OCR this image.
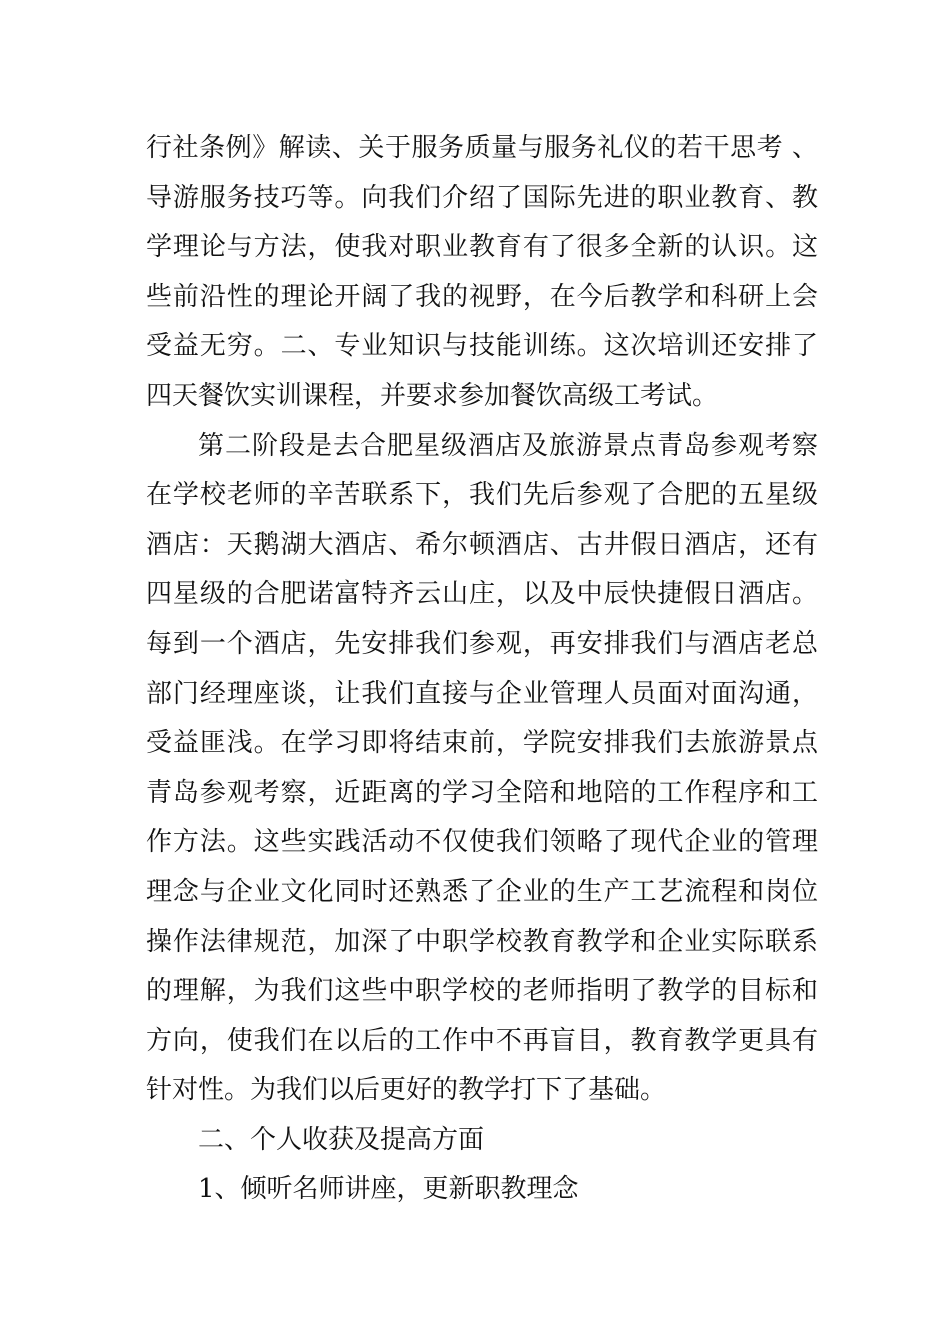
行社条例》解读、关于服务质量与服务礼仪的若干思考 、
导游服务技巧等。向我们介绍了国际先进的职业教育、教
学理论与方法，使我对职业教育有了很多全新的认识。这
些前沿性的理论开阔了我的视野，在今后教学和科研上会
受益无穷。二、专业知识与技能训练。这次培训还安排了
四天餐饮实训课程，并要求参加餐饮高级工考试。
第二阶段是去合肥星级酒店及旅游景点青岛参观考察
在学校老师的辛苦联系下，我们先后参观了合肥的五星级
酒店：天鹅湖大酒店、希尔顿酒店、古井假日酒店，还有
四星级的合肥诺富特齐云山庄，以及中辰快捷假日酒店。
每到一个酒店，先安排我们参观，再安排我们与酒店老总
部门经理座谈，让我们直接与企业管理人员面对面沟通，
受益匪浅。在学习即将结束前，学院安排我们去旅游景点
青岛参观考察，近距离的学习全陪和地陪的工作程序和工
作方法。这些实践活动不仅使我们领略了现代企业的管理
理念与企业文化同时还熟悉了企业的生产工艺流程和岗位
操作法律规范，加深了中职学校教育教学和企业实际联系
的理解，为我们这些中职学校的老师指明了教学的目标和
方向，使我们在以后的工作中不再盲目，教育教学更具有
针对性。为我们以后更好的教学打下了基础。
二、个人收获及提高方面
1、倾听名师讲座，更新职教理念
